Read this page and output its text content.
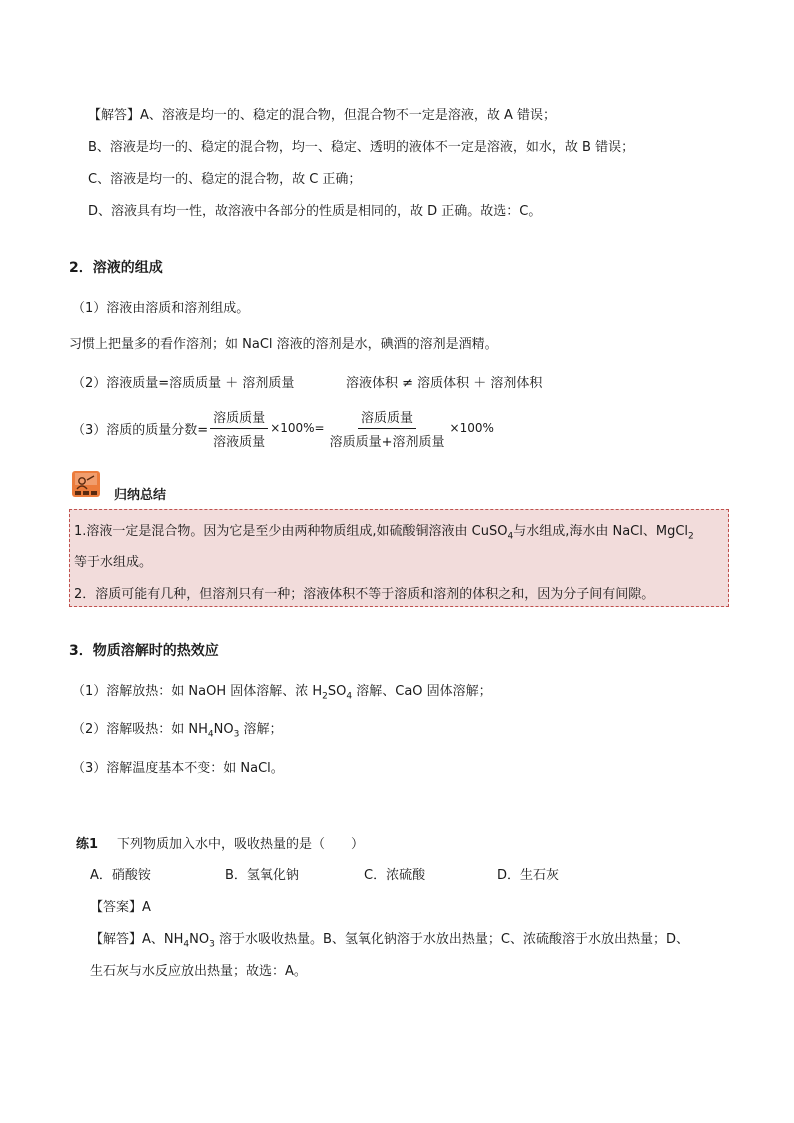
【解答】A、溶液是均一的、稳定的混合物，但混合物不一定是溶液，故 A 错误；
B、溶液是均一的、稳定的混合物，均一、稳定、透明的液体不一定是溶液，如水，故 B 错误；
C、溶液是均一的、稳定的混合物，故 C 正确；
D、溶液具有均一性，故溶液中各部分的性质是相同的，故 D 正确。故选：C。
2．溶液的组成
（1）溶液由溶质和溶剂组成。
习惯上把量多的看作溶剂；如 NaCl 溶液的溶剂是水，碘酒的溶剂是酒精。
（2）溶液质量=溶质质量 ＋ 溶剂质量	溶液体积 ≠ 溶质体积 ＋ 溶剂体积
（3）溶质的质量分数= $\frac{\text{溶质质量}}{\text{溶液质量}} \times 100\%= \frac{\text{溶质质量}}{\text{溶质质量+溶剂质量}} \times 100\%$
归纳总结
1.溶液一定是混合物。因为它是至少由两种物质组成,如硫酸铜溶液由 CuSO$_4$与水组成,海水由 NaCl、MgCl$_2$
等于水组成。
2．溶质可能有几种，但溶剂只有一种；溶液体积不等于溶质和溶剂的体积之和，因为分子间有间隙。
3．物质溶解时的热效应
（1）溶解放热：如 NaOH 固体溶解、浓 $H_2SO_4$ 溶解、CaO 固体溶解；
（2）溶解吸热：如 $NH_4NO_3$ 溶解；
（3）溶解温度基本不变：如 NaCl。
练1 下列物质加入水中，吸收热量的是（　　）
A．硝酸铵	B．氢氧化钠	C．浓硫酸	D．生石灰
【答案】A
【解答】A、$NH_4NO_3$ 溶于水吸收热量。B、氢氧化钠溶于水放出热量；C、浓硫酸溶于水放出热量；D、
生石灰与水反应放出热量；故选：A。
